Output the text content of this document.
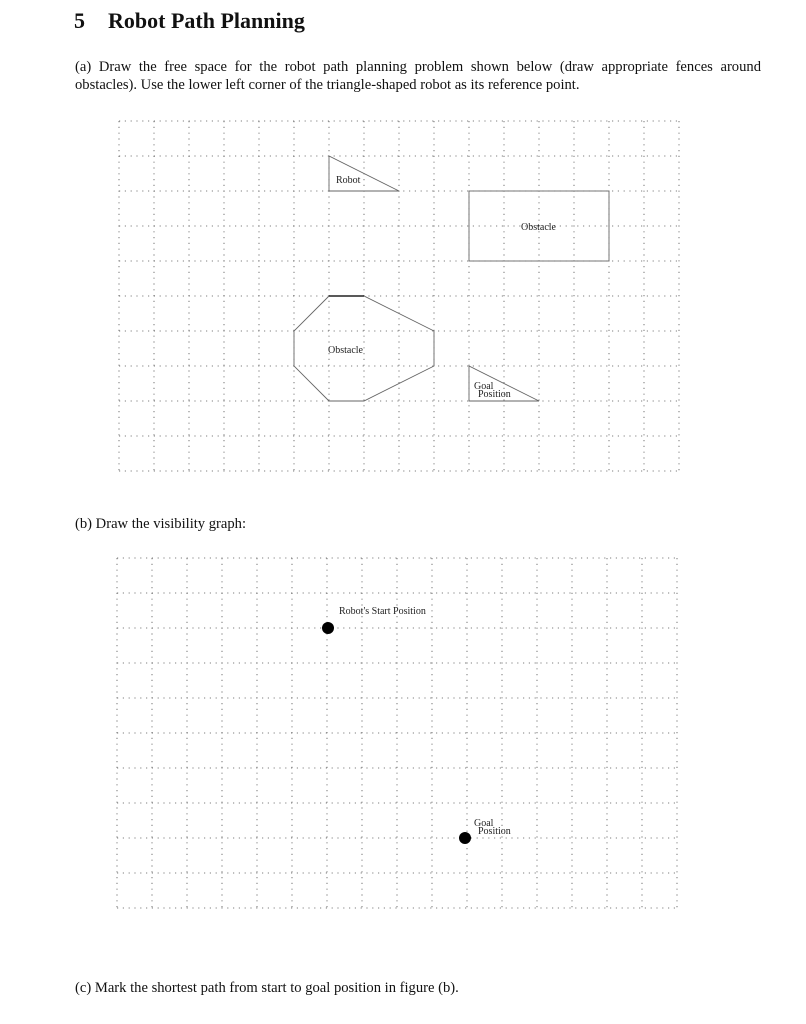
5 Robot Path Planning
(a) Draw the free space for the robot path planning problem shown below (draw appropriate fences around obstacles). Use the lower left corner of the triangle-shaped robot as its reference point.
Robot
Obstacle
Obstacle
Goal
Position
Robot's Start Position
Goal
Position
(b) Draw the visibility graph:
(c) Mark the shortest path from start to goal position in figure (b).
